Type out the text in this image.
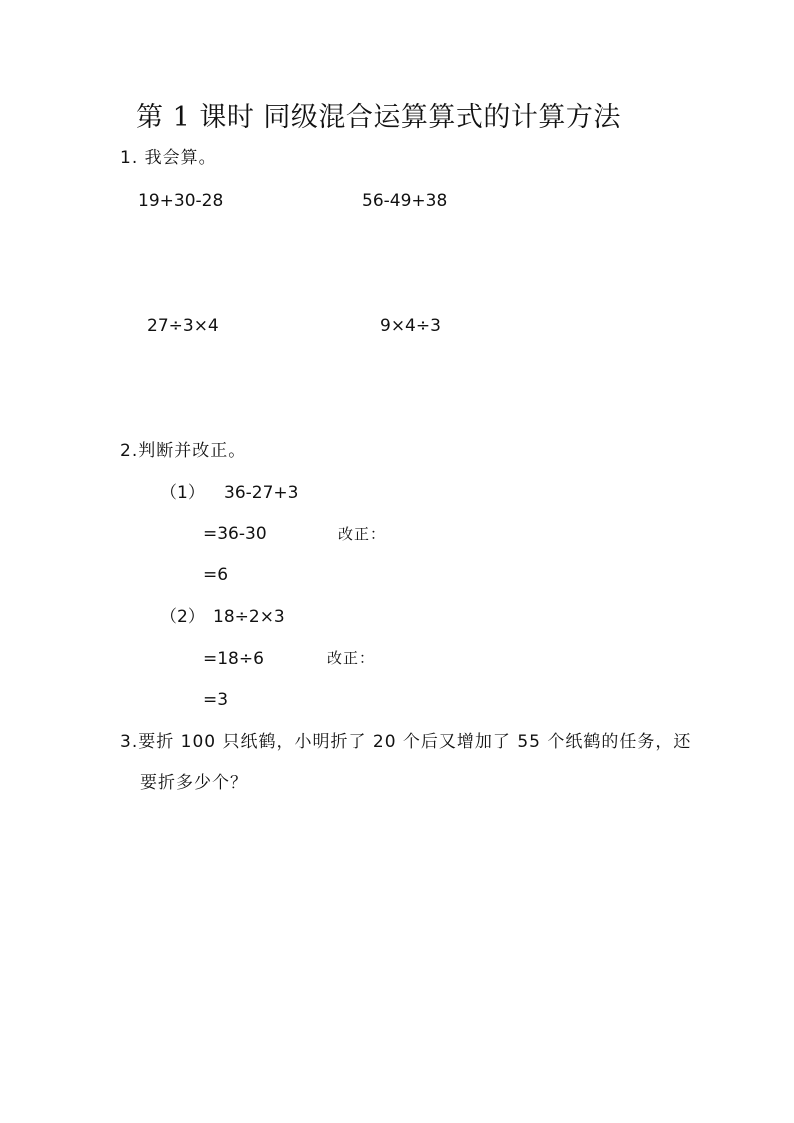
第 1 课时 同级混合运算算式的计算方法
1. 我会算。
19+30-28	56-49+38
27÷3×4	9×4÷3
2.判断并改正。
（1） 36-27+3
=36-30	改正：
=6
（2） 18÷2×3
=18÷6	改正：
=3
3.要折 100 只纸鹤，小明折了 20 个后又增加了 55 个纸鹤的任务，还
要折多少个？
